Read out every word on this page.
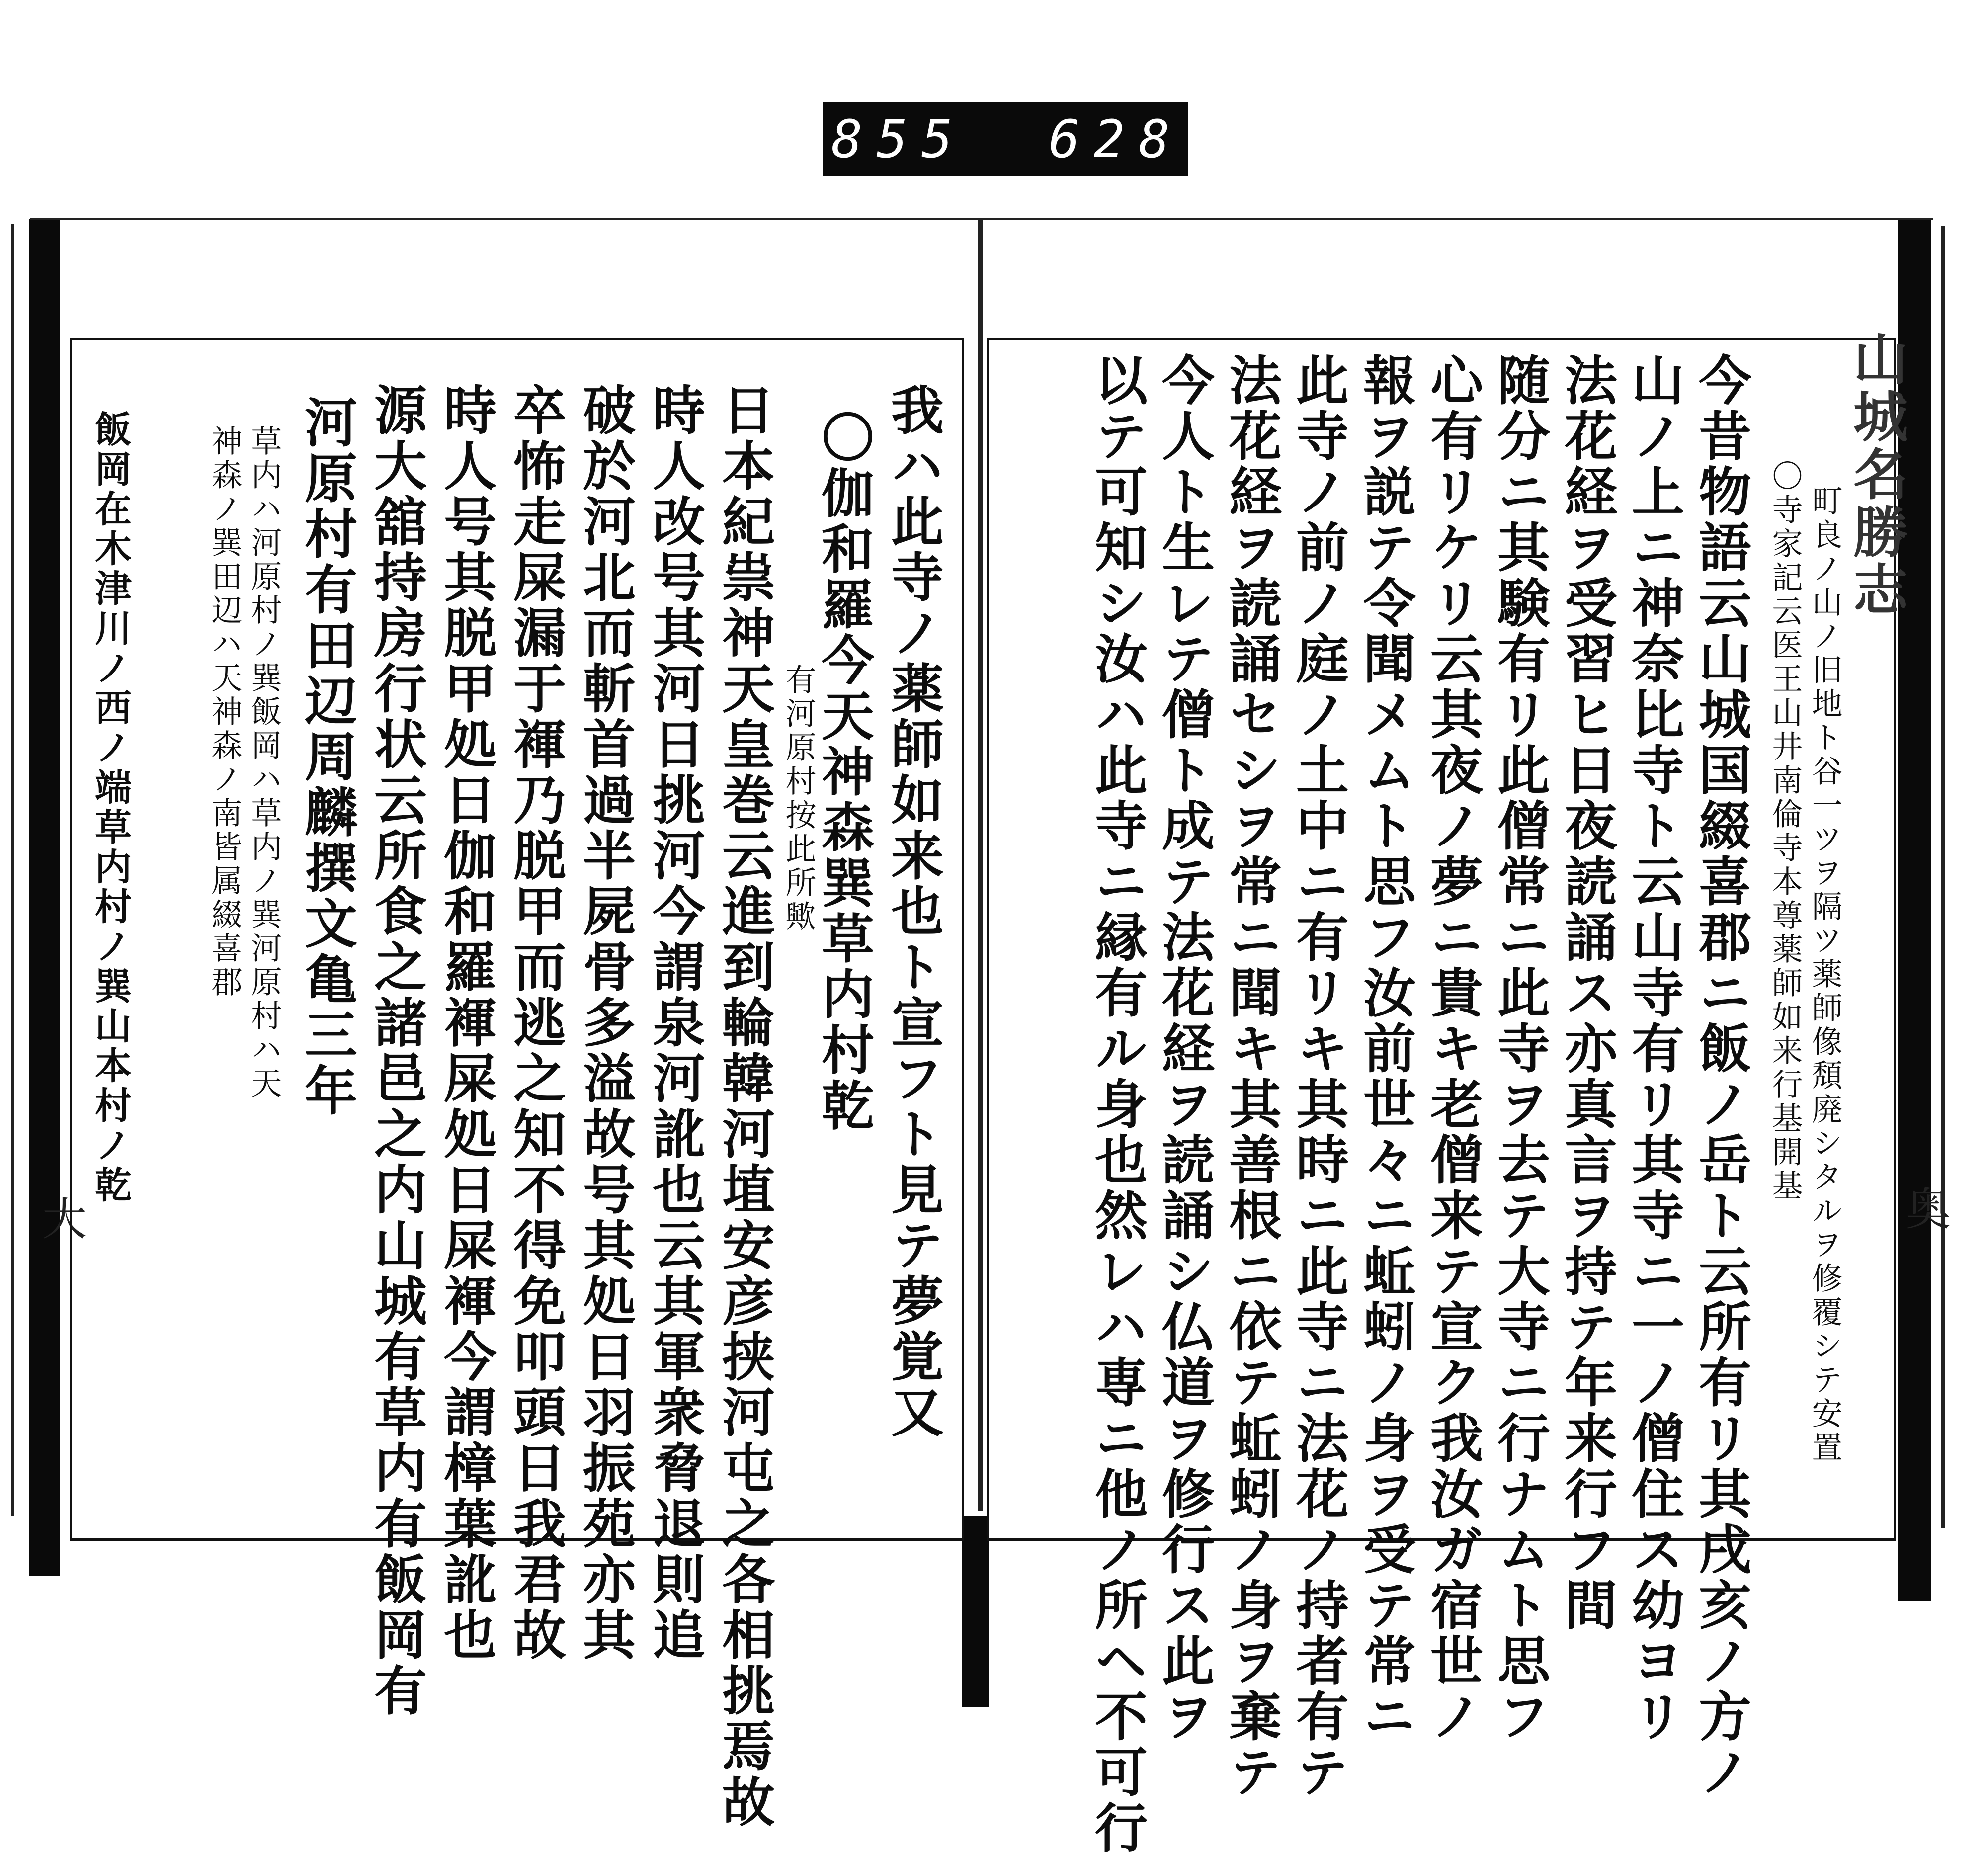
855 628
大	奥
我ハ此寺ノ薬師如来也ト宣フト見テ夢覚又
〇伽和羅今天神森巽草内村乾
有河原村按此所歟
日本紀祟神天皇巻云進到輪韓河埴安彦挟河屯之各相挑焉故
時人改号其河日挑河今謂泉河訛也云其軍衆脅退則追
破於河北而斬首過半屍骨多溢故号其処日羽振苑亦其
卒怖走屎漏于褌乃脱甲而逃之知不得免叩頭日我君故
時人号其脱甲処日伽和羅褌屎処日屎褌今謂樟葉訛也
源大舘持房行状云所食之諸邑之内山城有草内有飯岡有
河原村有田辺周麟撰文亀三年
草内ハ河原村ノ巽飯岡ハ草内ノ巽河原村ハ天
神森ノ巽田辺ハ天神森ノ南皆属綴喜郡
飯岡在木津川ノ西ノ端草内村ノ巽山本村ノ乾	山城名勝志
町良ノ山ノ旧地ト谷一ツヲ隔ツ薬師像頽廃シタルヲ修覆シテ安置
〇寺家記云医王山井南倫寺本尊薬師如来行基開基
今昔物語云山城国綴喜郡ニ飯ノ岳ト云所有リ其戌亥ノ方ノ
山ノ上ニ神奈比寺ト云山寺有リ其寺ニ一ノ僧住ス幼ヨリ
法花経ヲ受習ヒ日夜読誦ス亦真言ヲ持テ年来行フ間
随分ニ其験有リ此僧常ニ此寺ヲ去テ大寺ニ行ナムト思フ
心有リケリ云其夜ノ夢ニ貴キ老僧来テ宣ク我汝ガ宿世ノ
報ヲ説テ令聞メムト思フ汝前世々ニ蚯蚓ノ身ヲ受テ常ニ
此寺ノ前ノ庭ノ土中ニ有リキ其時ニ此寺ニ法花ノ持者有テ
法花経ヲ読誦セシヲ常ニ聞キ其善根ニ依テ蚯蚓ノ身ヲ棄テ
今人ト生レテ僧ト成テ法花経ヲ読誦シ仏道ヲ修行ス此ヲ
以テ可知シ汝ハ此寺ニ縁有ル身也然レハ専ニ他ノ所ヘ不可行
